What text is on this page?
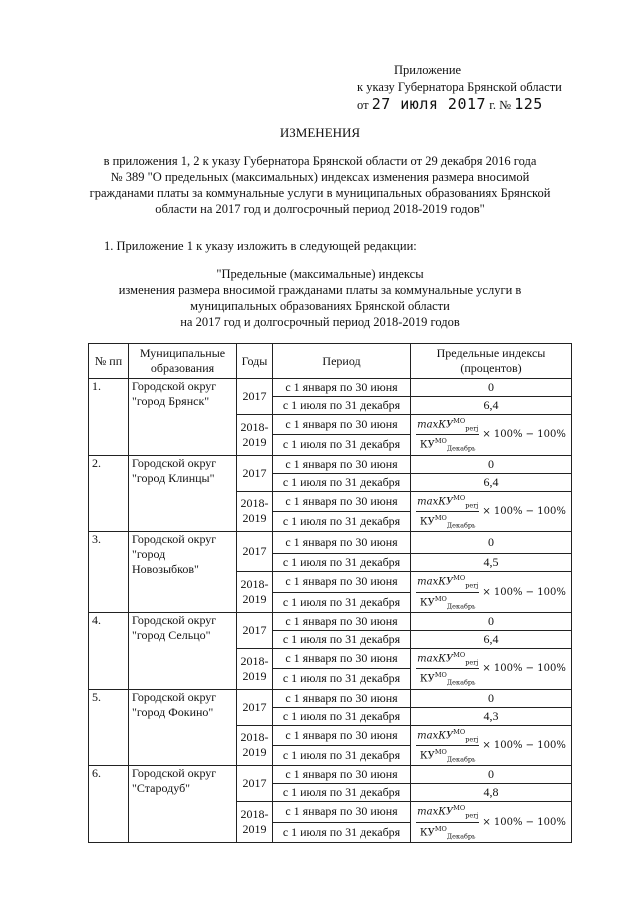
Приложение
к указу Губернатора Брянской области
от 27 июля 2017 г. № 125
ИЗМЕНЕНИЯ
в приложения 1, 2 к указу Губернатора Брянской области от 29 декабря 2016 года
№ 389 "О предельных (максимальных) индексах изменения размера вносимой
гражданами платы за коммунальные услуги в муниципальных образованиях Брянской
области на 2017 год и долгосрочный период 2018-2019 годов"
1. Приложение 1 к указу изложить в следующей редакции:
"Предельные (максимальные) индексы
изменения размера вносимой гражданами платы за коммунальные услуги в
муниципальных образованиях Брянской области
на 2017 год и долгосрочный период 2018-2019 годов
№ пп	Муниципальные образования	Годы	Период	Предельные индексы (процентов)
1.	Городской округ "город Брянск"	2017	с 1 января по 30 июня	0
			с 1 июля по 31 декабря	6,4
		2018-2019	с 1 января по 30 июня	$\frac{\max КУ^{МО}_{perj}}{КУ^{МО}_{Декабрь}} \times 100\% - 100\%$

			с 1 июля по 31 декабря	
2.	Городской округ "город Клинцы"	2017	с 1 января по 30 июня	0
			с 1 июля по 31 декабря	6,4
		2018-2019	с 1 января по 30 июня	$\frac{\max КУ^{МО}_{perj}}{КУ^{МО}_{Декабрь}} \times 100\% - 100\%$

			с 1 июля по 31 декабря	
3.	Городской округ "город Новозыбков"	2017	с 1 января по 30 июня	0
			с 1 июля по 31 декабря	4,5
		2018-2019	с 1 января по 30 июня	$\frac{\max КУ^{МО}_{perj}}{КУ^{МО}_{Декабрь}} \times 100\% - 100\%$

			с 1 июля по 31 декабря	
4.	Городской округ "город Сельцо"	2017	с 1 января по 30 июня	0
			с 1 июля по 31 декабря	6,4
		2018-2019	с 1 января по 30 июня	$\frac{\max КУ^{МО}_{perj}}{КУ^{МО}_{Декабрь}} \times 100\% - 100\%$

			с 1 июля по 31 декабря	
5.	Городской округ "город Фокино"	2017	с 1 января по 30 июня	0
			с 1 июля по 31 декабря	4,3
		2018-2019	с 1 января по 30 июня	$\frac{\max КУ^{МО}_{perj}}{КУ^{МО}_{Декабрь}} \times 100\% - 100\%$

			с 1 июля по 31 декабря	
6.	Городской округ "Стародуб"	2017	с 1 января по 30 июня	0
			с 1 июля по 31 декабря	4,8
		2018-2019	с 1 января по 30 июня	$\frac{\max КУ^{МО}_{perj}}{КУ^{МО}_{Декабрь}} \times 100\% - 100\%$

			с 1 июля по 31 декабря	
